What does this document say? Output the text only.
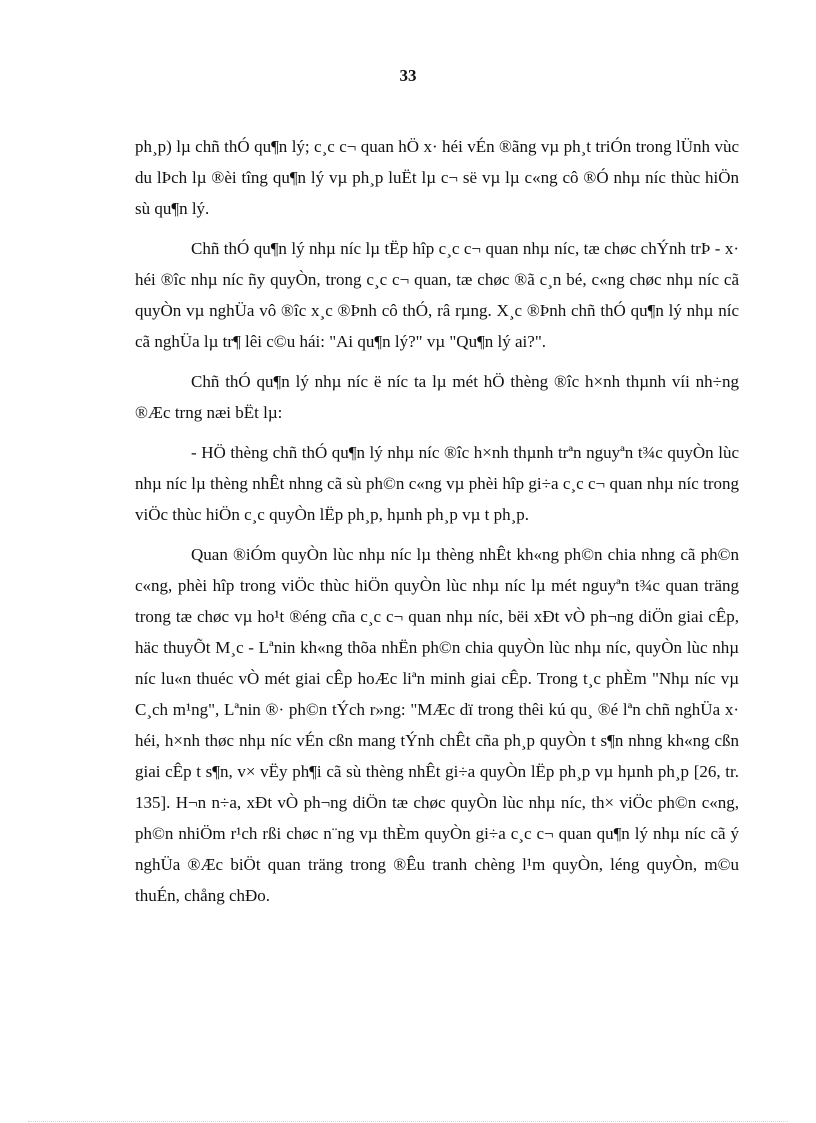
33

ph¸p) lµ chñ thÓ qu¶n lý; c¸c c¬ quan hÖ x· héi vÉn ®ãng vµ ph¸t triÓn trong lÜnh vùc du lÞch lµ ®èi tîng qu¶n lý vµ ph¸p luËt lµ c¬ së vµ lµ c«ng cô ®Ó nhµ níc thùc hiÖn sù qu¶n lý.

Chñ thÓ qu¶n lý nhµ níc lµ tËp hîp c¸c c¬ quan nhµ níc, tæ chøc chÝnh trÞ - x· héi ®îc nhµ níc ñy quyÒn, trong c¸c c¬ quan, tæ chøc ®ã c¸n bé, c«ng chøc nhµ níc cã quyÒn vµ nghÜa vô ®îc x¸c ®Þnh cô thÓ, râ rµng. X¸c ®Þnh chñ thÓ qu¶n lý nhµ níc cã nghÜa lµ tr¶ lêi c©u hái: "Ai qu¶n lý?" vµ "Qu¶n lý ai?".

Chñ thÓ qu¶n lý nhµ níc ë níc ta lµ mét hÖ thèng ®îc h×nh thµnh víi nh÷ng ®Æc trng næi bËt lµ:

- HÖ thèng chñ thÓ qu¶n lý nhµ níc ®îc h×nh thµnh trªn nguyªn t¾c quyÒn lùc nhµ níc lµ thèng nhÊt nhng cã sù ph©n c«ng vµ phèi hîp gi÷a c¸c c¬ quan nhµ níc trong viÖc thùc hiÖn c¸c quyÒn lËp ph¸p, hµnh ph¸p vµ t ph¸p.

Quan ®iÓm quyÒn lùc nhµ níc lµ thèng nhÊt kh«ng ph©n chia nhng cã ph©n c«ng, phèi hîp trong viÖc thùc hiÖn quyÒn lùc nhµ níc lµ mét nguyªn t¾c quan träng trong tæ chøc vµ ho¹t ®éng cña c¸c c¬ quan nhµ níc, bëi xÐt vÒ ph¬ng diÖn giai cÊp, häc thuyÕt M¸c - Lªnin kh«ng thõa nhËn ph©n chia quyÒn lùc nhµ níc, quyÒn lùc nhµ níc lu«n thuéc vÒ mét giai cÊp hoÆc liªn minh giai cÊp. Trong t¸c phÈm "Nhµ níc vµ C¸ch m¹ng", Lªnin ®· ph©n tÝch r»ng: "MÆc dï trong thêi kú qu¸ ®é lªn chñ nghÜa x· héi, h×nh thøc nhµ níc vÉn cßn mang tÝnh chÊt cña ph¸p quyÒn t s¶n nhng kh«ng cßn giai cÊp t s¶n, v× vËy ph¶i cã sù thèng nhÊt gi÷a quyÒn lËp ph¸p vµ hµnh ph¸p [26, tr. 135]. H¬n n÷a, xÐt vÒ ph¬ng diÖn tæ chøc quyÒn lùc nhµ níc, th× viÖc ph©n c«ng, ph©n nhiÖm r¹ch rßi chøc n¨ng vµ thÈm quyÒn gi÷a c¸c c¬ quan qu¶n lý nhµ níc cã ý nghÜa ®Æc biÖt quan träng trong ®Êu tranh chèng l¹m quyÒn, léng quyÒn, m©u thuÉn, chång chÐo.
